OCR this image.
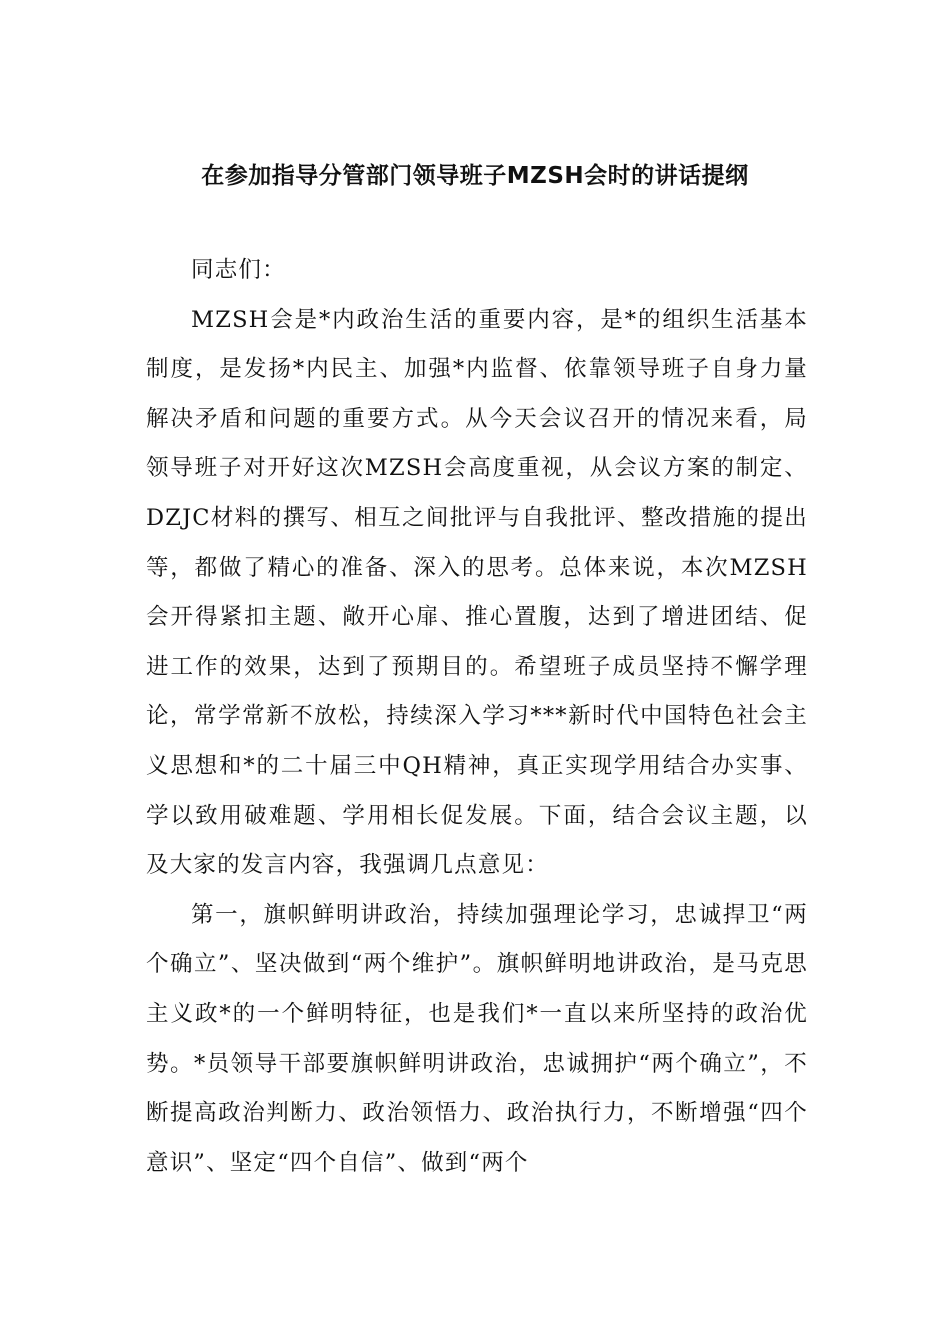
在参加指导分管部门领导班子MZSH会时的讲话提纲

同志们：

MZSH会是*内政治生活的重要内容，是*的组织生活基本制度，是发扬*内民主、加强*内监督、依靠领导班子自身力量解决矛盾和问题的重要方式。从今天会议召开的情况来看，局领导班子对开好这次MZSH会高度重视，从会议方案的制定、DZJC材料的撰写、相互之间批评与自我批评、整改措施的提出等，都做了精心的准备、深入的思考。总体来说，本次MZSH会开得紧扣主题、敞开心扉、推心置腹，达到了增进团结、促进工作的效果，达到了预期目的。希望班子成员坚持不懈学理论，常学常新不放松，持续深入学习***新时代中国特色社会主义思想和*的二十届三中QH精神，真正实现学用结合办实事、学以致用破难题、学用相长促发展。下面，结合会议主题，以及大家的发言内容，我强调几点意见：

第一，旗帜鲜明讲政治，持续加强理论学习，忠诚捍卫“两个确立”、坚决做到“两个维护”。旗帜鲜明地讲政治，是马克思主义政*的一个鲜明特征，也是我们*一直以来所坚持的政治优势。*员领导干部要旗帜鲜明讲政治，忠诚拥护“两个确立”，不断提高政治判断力、政治领悟力、政治执行力，不断增强“四个意识”、坚定“四个自信”、做到“两个
